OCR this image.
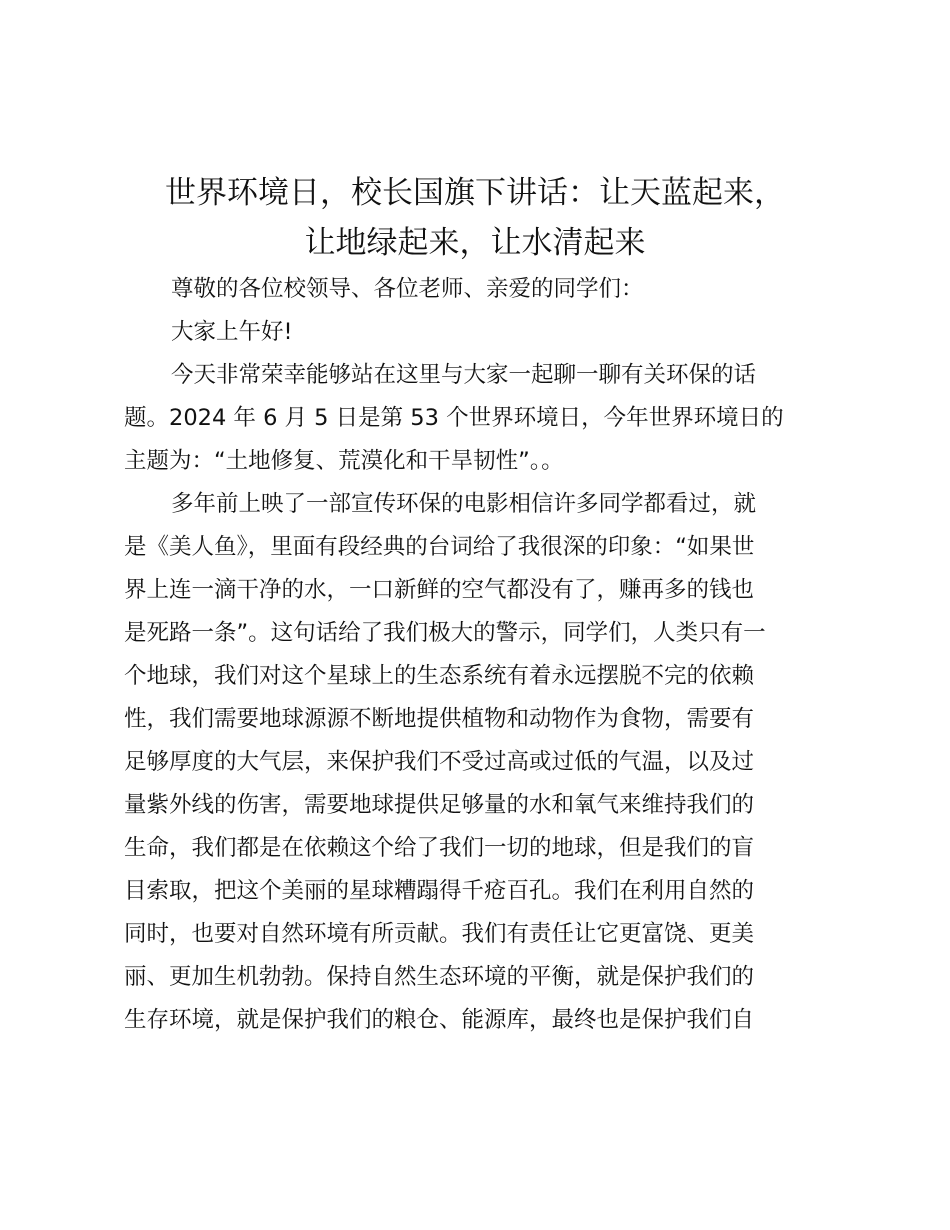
世界环境日，校长国旗下讲话：让天蓝起来，
让地绿起来，让水清起来

尊敬的各位校领导、各位老师、亲爱的同学们：

大家上午好!

今天非常荣幸能够站在这里与大家一起聊一聊有关环保的话
题。2024 年 6 月 5 日是第 53 个世界环境日，今年世界环境日的
主题为：“土地修复、荒漠化和干旱韧性”。。

多年前上映了一部宣传环保的电影相信许多同学都看过，就
是《美人鱼》，里面有段经典的台词给了我很深的印象：“如果世
界上连一滴干净的水，一口新鲜的空气都没有了，赚再多的钱也
是死路一条”。这句话给了我们极大的警示，同学们，人类只有一
个地球，我们对这个星球上的生态系统有着永远摆脱不完的依赖
性，我们需要地球源源不断地提供植物和动物作为食物，需要有
足够厚度的大气层，来保护我们不受过高或过低的气温，以及过
量紫外线的伤害，需要地球提供足够量的水和氧气来维持我们的
生命，我们都是在依赖这个给了我们一切的地球，但是我们的盲
目索取，把这个美丽的星球糟蹋得千疮百孔。我们在利用自然的
同时，也要对自然环境有所贡献。我们有责任让它更富饶、更美
丽、更加生机勃勃。保持自然生态环境的平衡，就是保护我们的
生存环境，就是保护我们的粮仓、能源库，最终也是保护我们自
